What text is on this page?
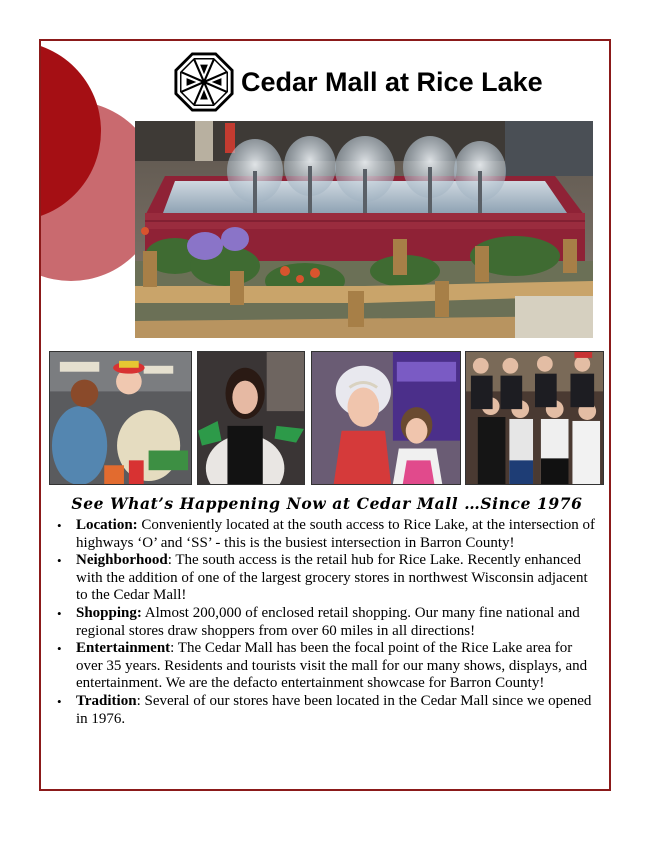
Cedar Mall at Rice Lake
See What’s Happening Now at Cedar Mall …Since 1976
• Location: Conveniently located at the south access to Rice Lake, at the intersection of highways ‘O’ and ‘SS’ - this is the busiest intersection in Barron County!
• Neighborhood: The south access is the retail hub for Rice Lake. Recently enhanced with the addition of one of the largest grocery stores in northwest Wisconsin adjacent to the Cedar Mall!
• Shopping: Almost 200,000 of enclosed retail shopping. Our many fine national and regional stores draw shoppers from over 60 miles in all directions!
• Entertainment: The Cedar Mall has been the focal point of the Rice Lake area for over 35 years. Residents and tourists visit the mall for our many shows, displays, and entertainment. We are the defacto entertainment showcase for Barron County!
• Tradition: Several of our stores have been located in the Cedar Mall since we opened in 1976.
